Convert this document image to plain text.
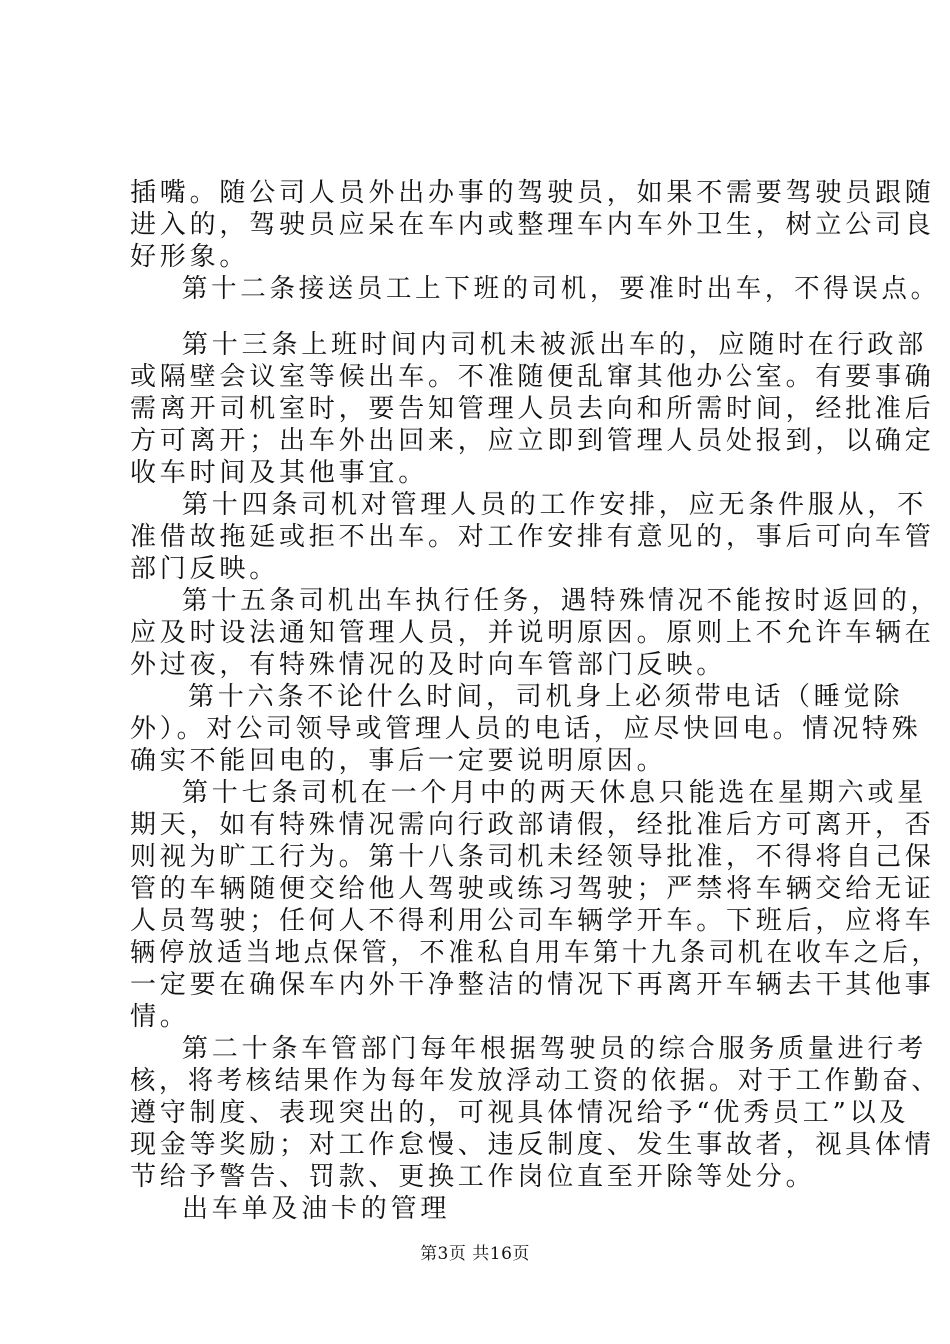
插嘴。随公司人员外出办事的驾驶员，如果不需要驾驶员跟随
进入的，驾驶员应呆在车内或整理车内车外卫生，树立公司良
好形象。
第十二条接送员工上下班的司机，要准时出车，不得误点。
第十三条上班时间内司机未被派出车的，应随时在行政部
或隔壁会议室等候出车。不准随便乱窜其他办公室。有要事确
需离开司机室时，要告知管理人员去向和所需时间，经批准后
方可离开；出车外出回来，应立即到管理人员处报到，以确定
收车时间及其他事宜。
第十四条司机对管理人员的工作安排，应无条件服从，不
准借故拖延或拒不出车。对工作安排有意见的，事后可向车管
部门反映。
第十五条司机出车执行任务，遇特殊情况不能按时返回的，
应及时设法通知管理人员，并说明原因。原则上不允许车辆在
外过夜，有特殊情况的及时向车管部门反映。
第十六条不论什么时间，司机身上必须带电话（睡觉除
外）。对公司领导或管理人员的电话，应尽快回电。情况特殊
确实不能回电的，事后一定要说明原因。
第十七条司机在一个月中的两天休息只能选在星期六或星
期天，如有特殊情况需向行政部请假，经批准后方可离开，否
则视为旷工行为。第十八条司机未经领导批准，不得将自己保
管的车辆随便交给他人驾驶或练习驾驶；严禁将车辆交给无证
人员驾驶；任何人不得利用公司车辆学开车。下班后，应将车
辆停放适当地点保管，不准私自用车第十九条司机在收车之后，
一定要在确保车内外干净整洁的情况下再离开车辆去干其他事
情。
第二十条车管部门每年根据驾驶员的综合服务质量进行考
核，将考核结果作为每年发放浮动工资的依据。对于工作勤奋、
遵守制度、表现突出的，可视具体情况给予“优秀员工”以及
现金等奖励；对工作怠慢、违反制度、发生事故者，视具体情
节给予警告、罚款、更换工作岗位直至开除等处分。
出车单及油卡的管理
第3页 共16页
